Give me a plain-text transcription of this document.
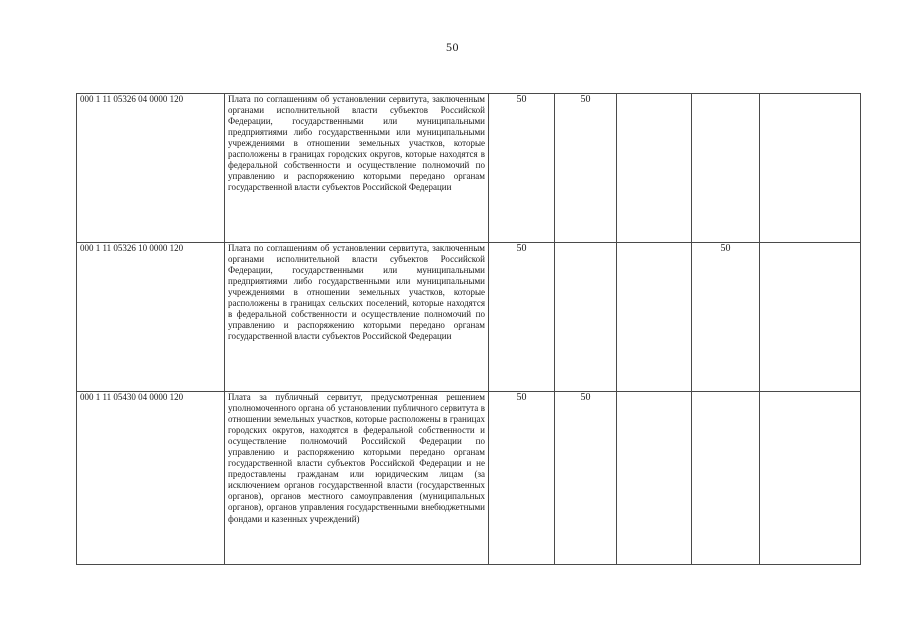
50
000 1 11 05326 04 0000 120	Плата по соглашениям об установлении сервитута, заключенным органами исполнительной власти субъектов Российской Федерации, государственными или муниципальными предприятиями либо государственными или муниципальными учреждениями в отношении земельных участков, которые расположены в границах городских округов, которые находятся в федеральной собственности и осуществление полномочий по управлению и распоряжению которыми передано органам государственной власти субъектов Российской Федерации	50	50			
000 1 11 05326 10 0000 120	Плата по соглашениям об установлении сервитута, заключенным органами исполнительной власти субъектов Российской Федерации, государственными или муниципальными предприятиями либо государственными или муниципальными учреждениями в отношении земельных участков, которые расположены в границах сельских поселений, которые находятся в федеральной собственности и осуществление полномочий по управлению и распоряжению которыми передано органам государственной власти субъектов Российской Федерации	50			50	
000 1 11 05430 04 0000 120	Плата за публичный сервитут, предусмотренная решением уполномоченного органа об установлении публичного сервитута в отношении земельных участков, которые расположены в границах городских округов, находятся в федеральной собственности и осуществление полномочий Российской Федерации по управлению и распоряжению которыми передано органам государственной власти субъектов Российской Федерации и не предоставлены гражданам или юридическим лицам (за исключением органов государственной власти (государственных органов), органов местного самоуправления (муниципальных органов), органов управления государственными внебюджетными фондами и казенных учреждений)	50	50			
